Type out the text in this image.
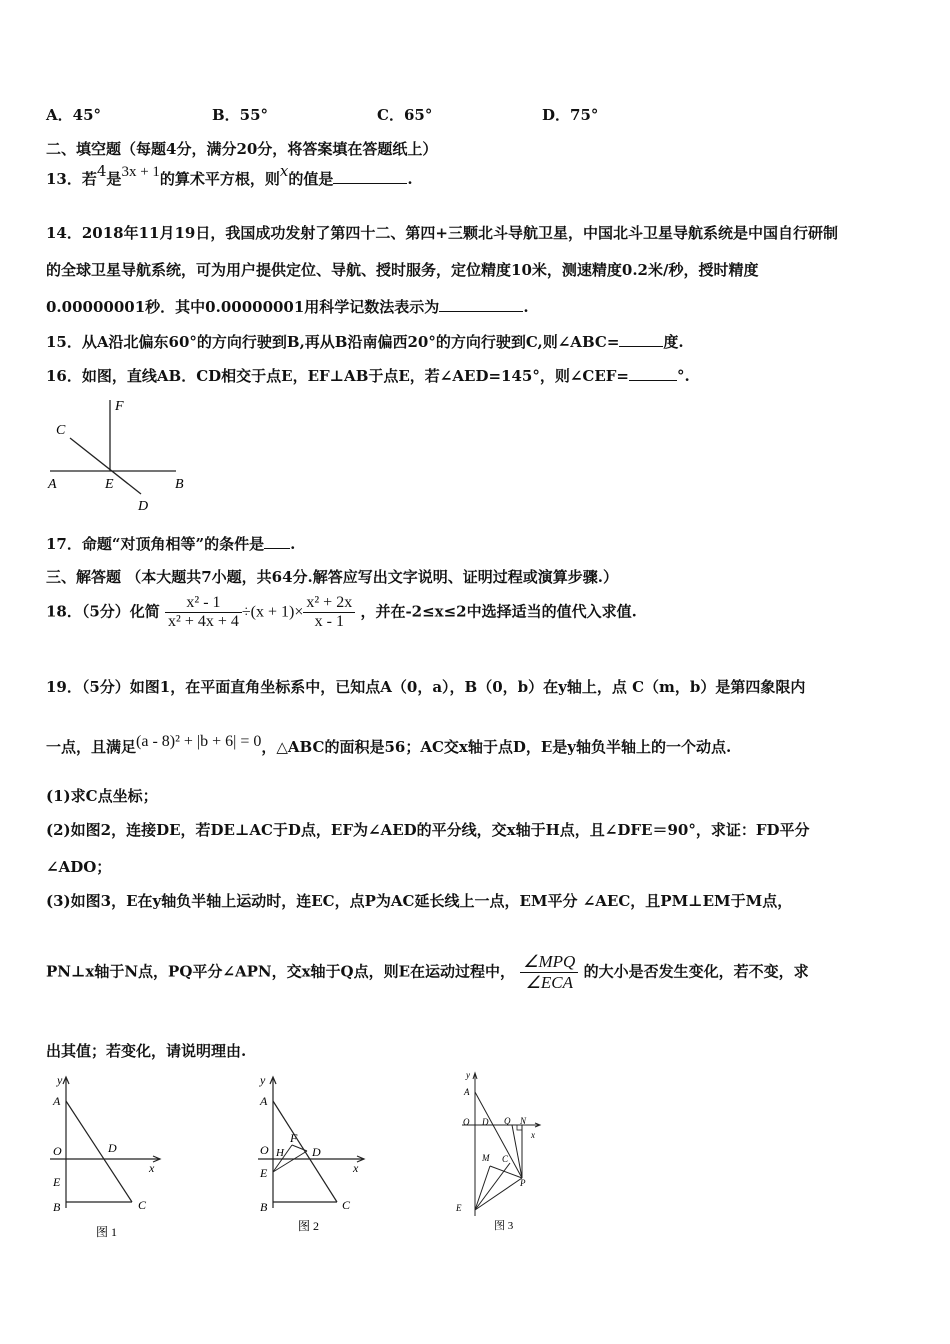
A．45°	B．55°	C．65°	D．75°
二、填空题（每题4分，满分20分，将答案填在答题纸上）
13．若4是3x + 1的算术平方根，则x的值是	.
14．2018年11月19日，我国成功发射了第四十二、第四+三颗北斗导航卫星，中国北斗卫星导航系统是中国自行研制
的全球卫星导航系统，可为用户提供定位、导航、授时服务，定位精度10米，测速精度0.2米/秒，授时精度
0.00000001秒．其中0.00000001用科学记数法表示为	.
15．从A沿北偏东60°的方向行驶到B,再从B沿南偏西20°的方向行驶到C,则∠ABC=	度.
16．如图，直线AB．CD相交于点E，EF⊥AB于点E，若∠AED=145°，则∠CEF=	°.
F
C
A	E	B
D
17．命题“对顶角相等”的条件是 .
三、解答题 （本大题共7小题，共64分.解答应写出文字说明、证明过程或演算步骤.）
18．（5分）化简 $\frac{\text{x² - 1}}{\text{x² + 4x + 4}} \div(x + 1)\times \frac{\text{x² + 2x}}{x - 1}$ ，并在-2≤x≤2中选择适当的值代入求值.
19．（5分）如图1，在平面直角坐标系中，已知点A（0，a），B（0，b）在y轴上，点 C（m，b）是第四象限内
一点，且满足(a - 8)² + |b + 6| = 0，△ABC的面积是56；AC交x轴于点D，E是y轴负半轴上的一个动点.
(1)求C点坐标；
(2)如图2，连接DE，若DE⊥AC于D点，EF为∠AED的平分线，交x轴于H点，且∠DFE＝90°，求证：FD平分
∠ADO；
(3)如图3，E在y轴负半轴上运动时，连EC，点P为AC延长线上一点，EM平分 ∠AEC，且PM⊥EM于M点，
PN⊥x轴于N点，PQ平分∠APN，交x轴于Q点，则E在运动过程中， $\frac{\text{∠MPQ}}{\text{∠ECA}}$ 的大小是否发生变化，若不变，求
出其值；若变化，请说明理由.
y
A
O	D
x
E
B	C
图 1
y
A
O H
F
D
x
E
B	C
图 2
y
A
O D Q N
x
M C
P
E
图 3
